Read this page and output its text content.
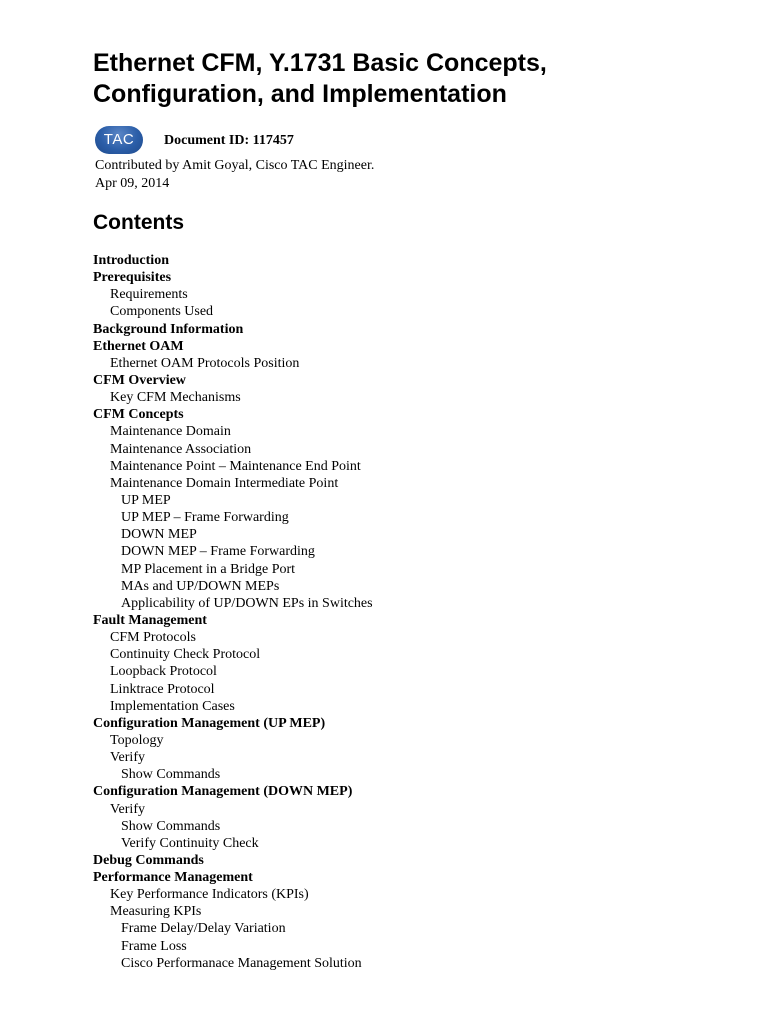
Ethernet CFM, Y.1731 Basic Concepts,
Configuration, and Implementation
TAC	Document ID: 117457
Contributed by Amit Goyal, Cisco TAC Engineer.
Apr 09, 2014
Contents
Introduction
Prerequisites
Requirements
Components Used
Background Information
Ethernet OAM
Ethernet OAM Protocols Position
CFM Overview
Key CFM Mechanisms
CFM Concepts
Maintenance Domain
Maintenance Association
Maintenance Point – Maintenance End Point
Maintenance Domain Intermediate Point
UP MEP
UP MEP – Frame Forwarding
DOWN MEP
DOWN MEP – Frame Forwarding
MP Placement in a Bridge Port
MAs and UP/DOWN MEPs
Applicability of UP/DOWN EPs in Switches
Fault Management
CFM Protocols
Continuity Check Protocol
Loopback Protocol
Linktrace Protocol
Implementation Cases
Configuration Management (UP MEP)
Topology
Verify
Show Commands
Configuration Management (DOWN MEP)
Verify
Show Commands
Verify Continuity Check
Debug Commands
Performance Management
Key Performance Indicators (KPIs)
Measuring KPIs
Frame Delay/Delay Variation
Frame Loss
Cisco Performanace Management Solution
